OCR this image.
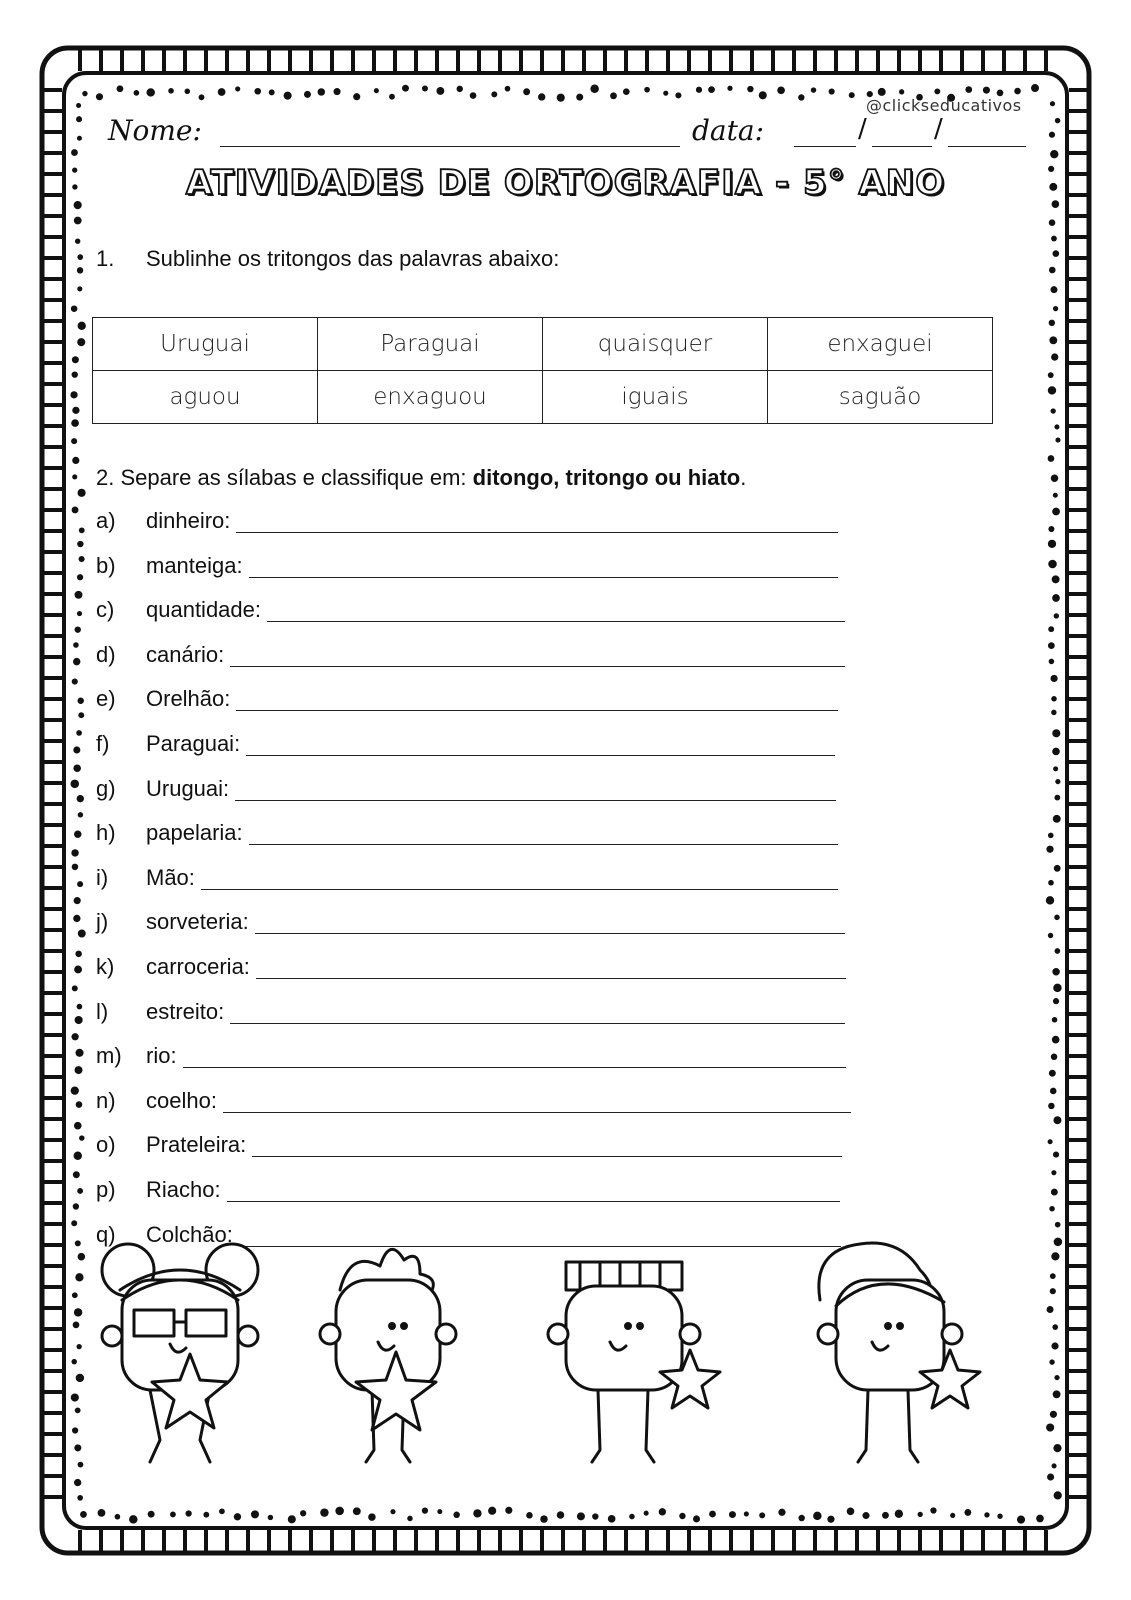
@clickseducativos
Nome:	data:	/	/
ATIVIDADES DE ORTOGRAFIA - 5° ANO
1. Sublinhe os tritongos das palavras abaixo:
Uruguai	Paraguai	quaisquer	enxaguei
aguou	enxaguou	iguais	saguão
2. Separe as sílabas e classifique em: ditongo, tritongo ou hiato.
a)	dinheiro:
b)	manteiga:
c)	quantidade:
d)	canário:
e)	Orelhão:
f)	Paraguai:
g)	Uruguai:
h)	papelaria:
i)	Mão:
j)	sorveteria:
k)	carroceria:
l)	estreito:
m)	rio:
n)	coelho:
o)	Prateleira:
p)	Riacho:
q)	Colchão:
